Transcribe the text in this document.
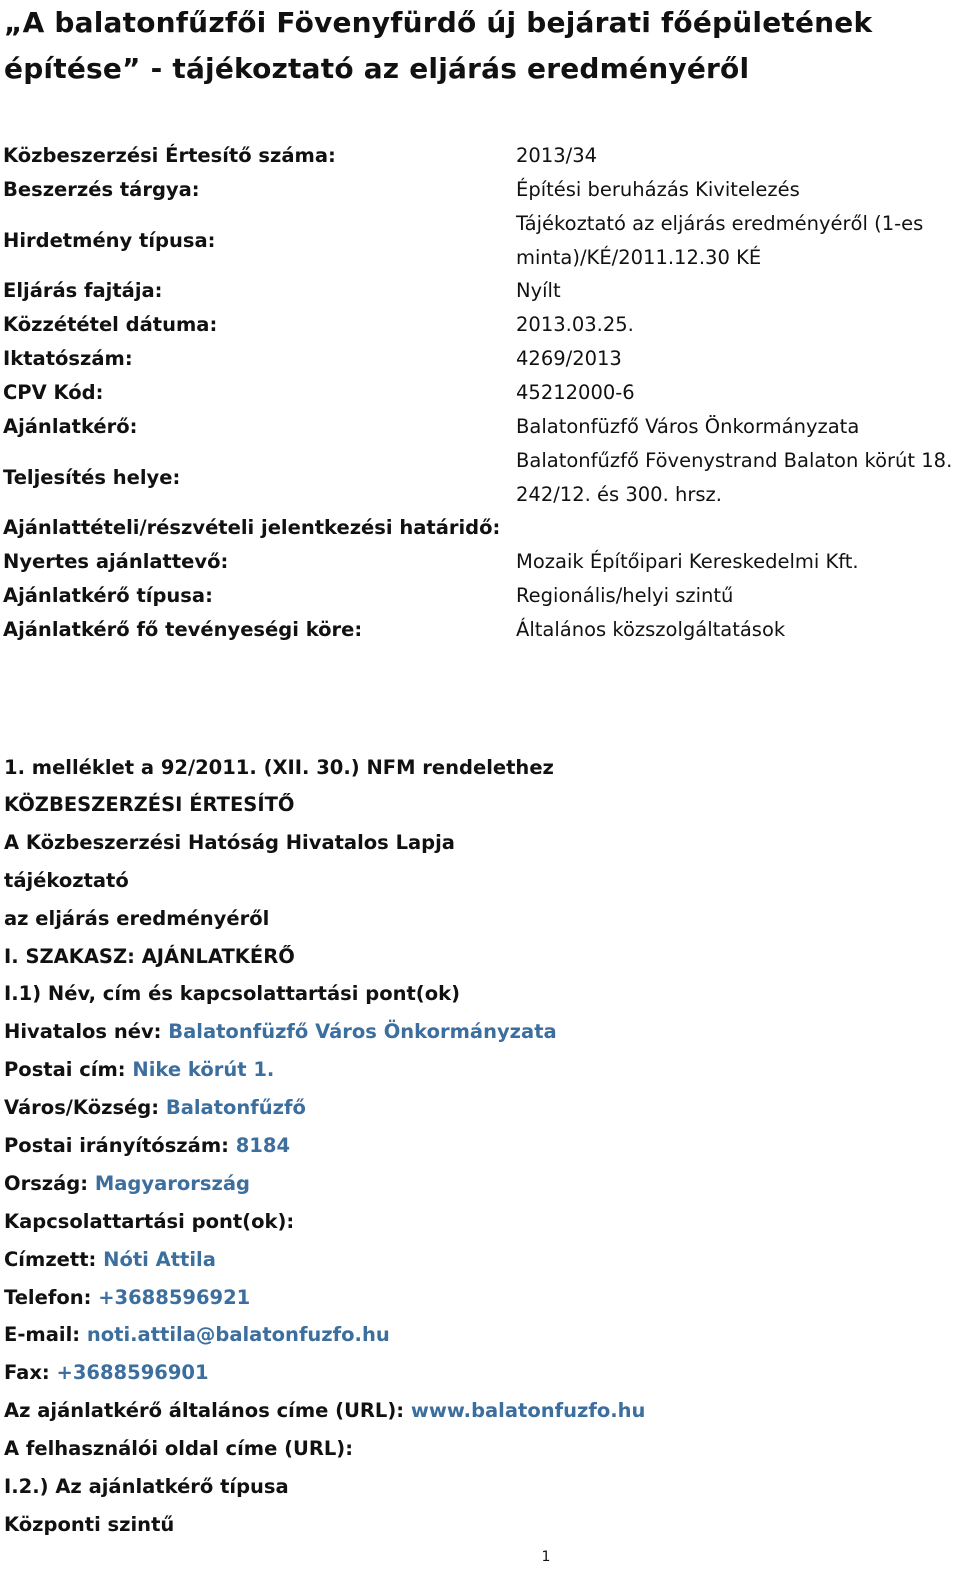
„A balatonfűzfői Fövenyfürdő új bejárati főépületének építése” - tájékoztató az eljárás eredményéről
Közbeszerzési Értesítő száma:	2013/34
Beszerzés tárgya:	Építési beruházás Kivitelezés
Hirdetmény típusa:	Tájékoztató az eljárás eredményéről (1-es minta)/KÉ/2011.12.30 KÉ
Eljárás fajtája:	Nyílt
Közzététel dátuma:	2013.03.25.
Iktatószám:	4269/2013
CPV Kód:	45212000-6
Ajánlatkérő:	Balatonfüzfő Város Önkormányzata
Teljesítés helye:	Balatonfűzfő Fövenystrand Balaton körút 18. 242/12. és 300. hrsz.
Ajánlattételi/részvételi jelentkezési határidő:	
Nyertes ajánlattevő:	Mozaik Építőipari Kereskedelmi Kft.
Ajánlatkérő típusa:	Regionális/helyi szintű
Ajánlatkérő fő tevényeségi köre:	Általános közszolgáltatások
1. melléklet a 92/2011. (XII. 30.) NFM rendelethez
KÖZBESZERZÉSI ÉRTESÍTŐ
A Közbeszerzési Hatóság Hivatalos Lapja
tájékoztató
az eljárás eredményéről
I. SZAKASZ: AJÁNLATKÉRŐ
I.1) Név, cím és kapcsolattartási pont(ok)
Hivatalos név: Balatonfüzfő Város Önkormányzata
Postai cím: Nike körút 1.
Város/Község: Balatonfűzfő
Postai irányítószám: 8184
Ország: Magyarország
Kapcsolattartási pont(ok):
Címzett: Nóti Attila
Telefon: +3688596921
E-mail: noti.attila@balatonfuzfo.hu
Fax: +3688596901
Az ajánlatkérő általános címe (URL): www.balatonfuzfo.hu
A felhasználói oldal címe (URL):
I.2.) Az ajánlatkérő típusa
Központi szintű
1
